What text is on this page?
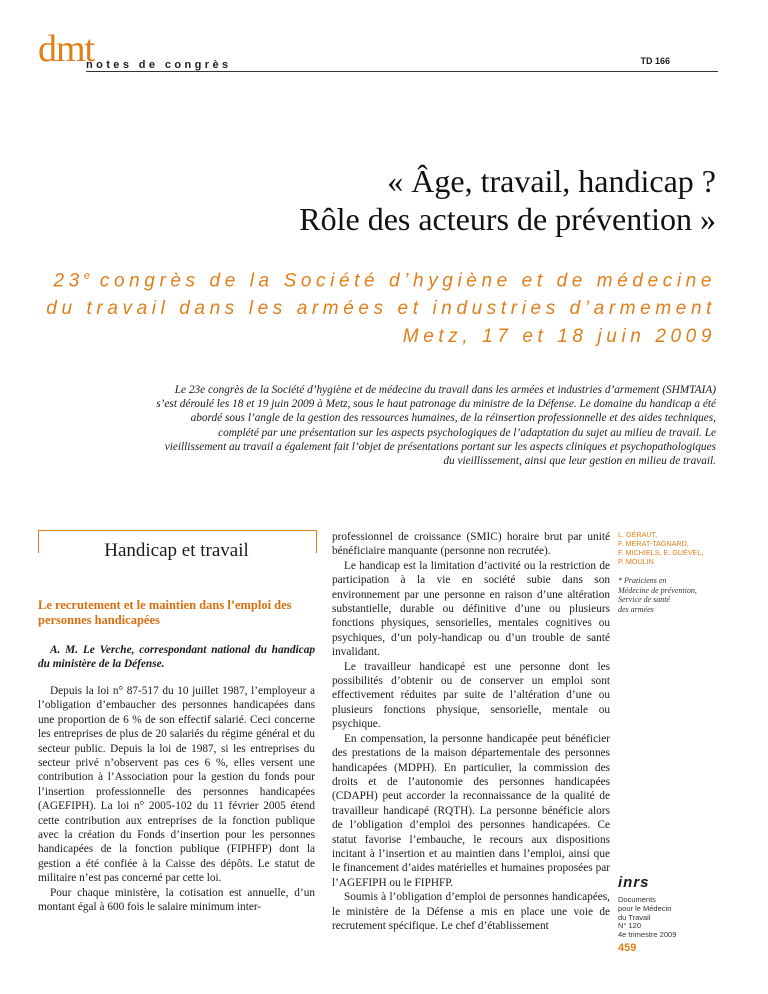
dmt
notes de congrès	TD 166
« Âge, travail, handicap ?
Rôle des acteurs de prévention »
23e congrès de la Société d’hygiène et de médecine
du travail dans les armées et industries d’armement
Metz, 17 et 18 juin 2009
Le 23e congrès de la Société d’hygiène et de médecine du travail dans les armées et industries d’armement (SHMTAIA) s’est déroulé les 18 et 19 juin 2009 à Metz, sous le haut patronage du ministre de la Défense. Le domaine du handicap a été abordé sous l’angle de la gestion des ressources humaines, de la réinsertion professionnelle et des aides techniques, complété par une présentation sur les aspects psychologiques de l’adaptation du sujet au milieu de travail. Le vieillissement au travail a également fait l’objet de présentations portant sur les aspects cliniques et psychopathologiques du vieillissement, ainsi que leur gestion en milieu de travail.
Handicap et travail
Le recrutement et le maintien dans l’emploi des personnes handicapées
A. M. Le Verche, correspondant national du handicap du ministère de la Défense.

Depuis la loi n° 87-517 du 10 juillet 1987, l’employeur a l’obligation d’embaucher des personnes handicapées dans une proportion de 6 % de son effectif salarié. Ceci concerne les entreprises de plus de 20 salariés du régime général et du secteur public. Depuis la loi de 1987, si les entreprises du secteur privé n’observent pas ces 6 %, elles versent une contribution à l’Association pour la gestion du fonds pour l’insertion professionnelle des personnes handicapées (AGEFIPH). La loi n° 2005-102 du 11 février 2005 étend cette contribution aux entreprises de la fonction publique avec la création du Fonds d’insertion pour les personnes handicapées de la fonction publique (FIPHFP) dont la gestion a été confiée à la Caisse des dépôts. Le statut de militaire n’est pas concerné par cette loi.

Pour chaque ministère, la cotisation est annuelle, d’un montant égal à 600 fois le salaire minimum inter-

professionnel de croissance (SMIC) horaire brut par unité bénéficiaire manquante (personne non recrutée).

Le handicap est la limitation d’activité ou la restriction de participation à la vie en société subie dans son environnement par une personne en raison d’une altération substantielle, durable ou définitive d’une ou plusieurs fonctions physiques, sensorielles, mentales cognitives ou psychiques, d’un poly-handicap ou d’un trouble de santé invalidant.

Le travailleur handicapé est une personne dont les possibilités d’obtenir ou de conserver un emploi sont effectivement réduites par suite de l’altération d’une ou plusieurs fonctions physique, sensorielle, mentale ou psychique.

En compensation, la personne handicapée peut bénéficier des prestations de la maison départementale des personnes handicapées (MDPH). En particulier, la commission des droits et de l’autonomie des personnes handicapées (CDAPH) peut accorder la reconnaissance de la qualité de travailleur handicapé (RQTH). La personne bénéficie alors de l’obligation d’emploi des personnes handicapées. Ce statut favorise l’embauche, le recours aux dispositions incitant à l’insertion et au maintien dans l’emploi, ainsi que le financement d’aides matérielles et humaines proposées par l’AGEFIPH ou le FIPHFP.

Soumis à l’obligation d’emploi de personnes handicapées, le ministère de la Défense a mis en place une voie de recrutement spécifique. Le chef d’établissement

L. GÉRAUT,
F. MERAT-TAGNARD,
F. MICHIELS, E. GUÉVEL,
P. MOULIN
* Praticiens en
Médecine de prévention,
Service de santé
des armées
inrs
Documents
pour le Médecin
du Travail
N° 120
4e trimestre 2009
459
